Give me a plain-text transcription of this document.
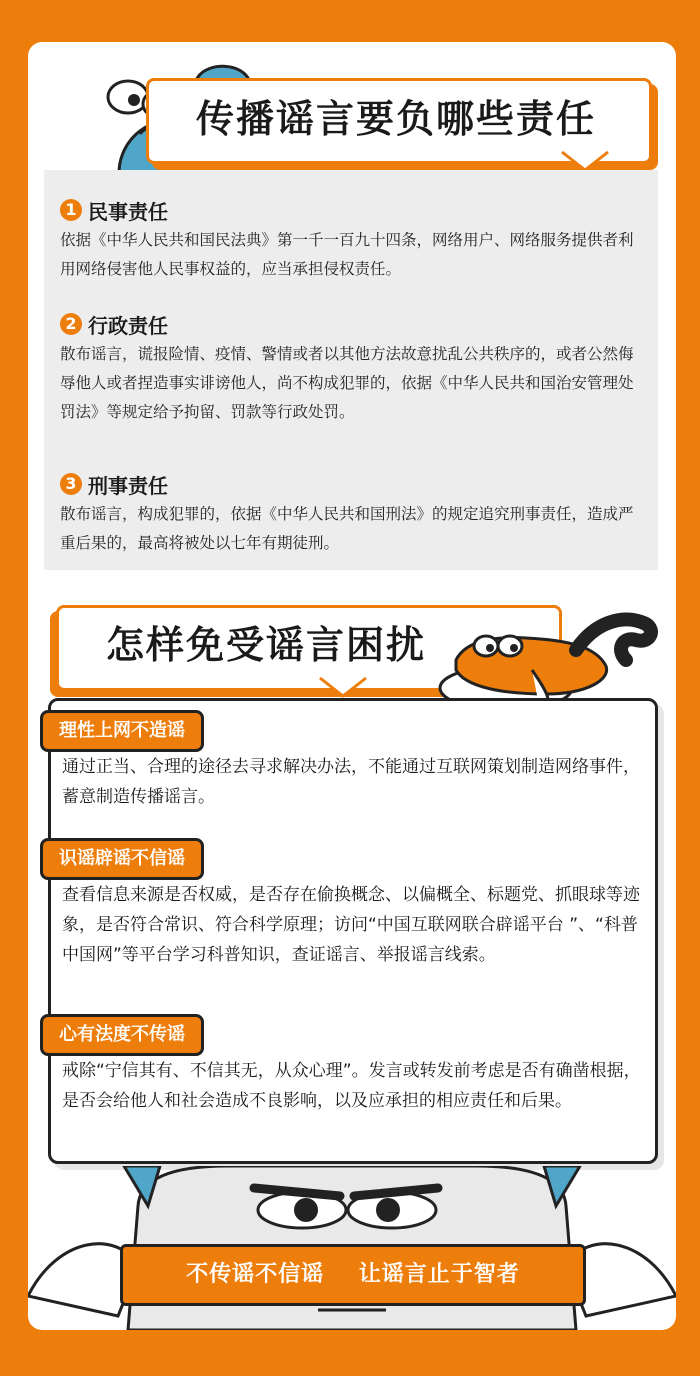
传播谣言要负哪些责任
1 民事责任
依据《中华人民共和国民法典》第一千一百九十四条，网络用户、网络服务提供者利用网络侵害他人民事权益的，应当承担侵权责任。
2 行政责任
散布谣言，谎报险情、疫情、警情或者以其他方法故意扰乱公共秩序的，或者公然侮辱他人或者捏造事实诽谤他人，尚不构成犯罪的，依据《中华人民共和国治安管理处罚法》等规定给予拘留、罚款等行政处罚。
3 刑事责任
散布谣言，构成犯罪的，依据《中华人民共和国刑法》的规定追究刑事责任，造成严重后果的，最高将被处以七年有期徒刑。
怎样免受谣言困扰
理性上网不造谣
通过正当、合理的途径去寻求解决办法，不能通过互联网策划制造网络事件，蓄意制造传播谣言。
识谣辟谣不信谣
查看信息来源是否权威，是否存在偷换概念、以偏概全、标题党、抓眼球等迹象，是否符合常识、符合科学原理；访问“中国互联网联合辟谣平台 ”、“科普中国网”等平台学习科普知识，查证谣言、举报谣言线索。
心有法度不传谣
戒除“宁信其有、不信其无，从众心理”。发言或转发前考虑是否有确凿根据，是否会给他人和社会造成不良影响，以及应承担的相应责任和后果。
不传谣不信谣    让谣言止于智者
